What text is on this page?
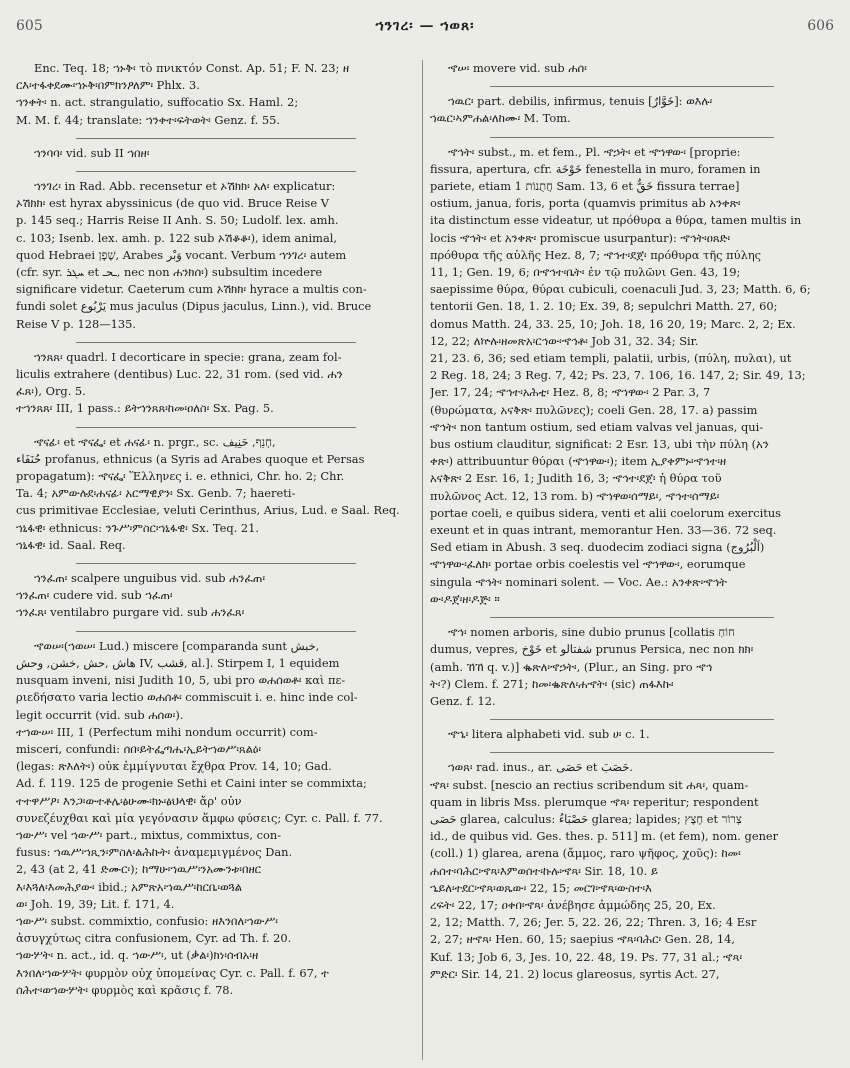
605	ኀንገረ፡ — ኀወጸ፡	606

Enc. Teq. 18; ኀኑቅ፡ τὸ πνικτόν Const. Ap. 51; F. N. 23; ዘ

ርእ፡ተፋቀደሙ፡ኀኑቅ፡በምክንዖለም፡ Phlx. 3.

ኀንቀት፡ n. act. strangulatio, suffocatio Sx. Haml. 2;

M. M. f. 44; translate: ኀንቀተ፡ፍትወት፡ Genz. f. 55.

ኀንባባ፡ vid. sub II ኀበዘ፡

ኀንገረ፡ in Rad. Abb. recensetur et ኦሽክክ፡ አለ፡ explicatur:

ኦሽክክ፡ est hyrax abyssinicus (de quo vid. Bruce Reise V

p. 145 seq.; Harris Reise II Anh. S. 50; Ludolf. lex. amh.

c. 103; Isenb. lex. amh. p. 122 sub ኦሽቆቆ፡), idem animal,

quod Hebraei שָׁפָן, Arabes وَبْر vocant. Verbum ኀንገረ፡ autem

(cfr. syr. ܚܓܪ et ـحـ, nec non ሐንክሰ፡) subsultim incedere

significare videtur. Caeterum cum ኦሽክክ፡ hyrace a multis con-

fundi solet يَرْبُوع mus jaculus (Dipus jaculus, Linn.), vid. Bruce

Reise V p. 128—135.

ኀንጸጸ፡ quadrl. I decorticare in specie: grana, zeam fol-

liculis extrahere (dentibus) Luc. 22, 31 rom. (sed vid. ሐን

ፈጸ፡), Org. 5.

ተኀንጸጸ፡ III, 1 pass.: ይትኀንጸጸ፡ከመ፡ዐለስ፡ Sx. Pag. 5.

ኆናፊ፡ et ኆናፌ፡ et ሐናፊ፡ n. prgr., sc. חָנֵף, حَنِيف,

حُنَفَاء profanus, ethnicus (a Syris ad Arabes quoque et Persas

propagatum): ኆናፌ፡ Ἕλληνες i. e. ethnici, Chr. ho. 2; Chr.

Ta. 4; አምውሉደ፡ሐናፊ፡ አርማዊያን፡ Sx. Genb. 7; haereti-

cus primitivae Ecclesiae, veluti Cerinthus, Arius, Lud. e Saal. Req.

ኀኒፋዊ፡ ethnicus: ንጉሥ፡ምስር፡ኀኒፋዊ፡ Sx. Teq. 21.

ኀኒፋዊ፡ id. Saal. Req.

ኀንፈጠ፡ scalpere unguibus vid. sub ሐንፈጠ፡

ኀንፈጠ፡ cudere vid. sub ኀፈጠ፡

ኀንፈጸ፡ ventilabro purgare vid. sub ሐንፈጸ፡

ኆወሠ፡(ኀወሠ፡ Lud.) miscere [comparanda sunt خبش,

هاش ,حش ,خشن, وحش IV, قشب, al.]. Stirpem I, 1 equidem

nusquam inveni, nisi Judith 10, 5, ubi pro ወሐሰወቶ፡ καὶ πε-

ριεδήσατο varia lectio ወሐሰቶ፡ commiscuit i. e. hinc inde col-

legit occurrit (vid. sub ሐሰወ፡).

ተኀውሠ፡ III, 1 (Perfectum mihi nondum occurrit) com-

misceri, confundi: ሰበ፡ይትፌጣሔ፡ኢይትኀወሥ፡ጸልዕ፡

(legas: ጽእለት፡) οὐκ ἐμμίγνυται ἔχθρα Prov. 14, 10; Gad.

Ad. f. 119. 125 de progenie Sethi et Caini inter se commixta;

ተተዋሥዖ፡ እንጋ፡ውተቶሌ፡ፅሁሙ፡ክኑ፡ፅህላዊ፡ ἄρ' οὐν

συνεζέυχθαι καὶ μία γεγόνασιν ἅμφω φύσεις; Cyr. c. Pall. f. 77.

ኀውሥ፡ vel ኀውሥ፡ part., mixtus, commixtus, con-

fusus: ኀዉሥ፡ኀጺን፡ምስለ፡ልሕኩት፡ ἀναμεμιγμένος Dan.

2, 43 (at 2, 41 ድሙር፡); ከማሁ፡ኀዉሥ፡ንአሙንቱ፡በዘር

እ፡እጓለ፡እመሕያው፡ ibid.; አምጽአ፡ኀዉሥ፡ከርቤ፡ወጓል

ወ፡ Joh. 19, 39; Lit. f. 171, 4.

ኀውሥ፡ subst. commixtio, confusio: ዘእንበለ፡ኀውሥ፡

ἀσυγχύτως citra confusionem, Cyr. ad Th. f. 20.

ኀውሦት፡ n. act., id. q. ኀውሥ፡, ut (ቃል፡)ክነ፡ሰብአ፡ዘ

እንበለ፡ኀውሦት፡ φυρμὸν οὐχ ὑπομείνας Cyr. c. Pall. f. 67, ተ

ሰሕተ፡ወኀውሦት፡ φυρμὸς καὶ κρᾶσις f. 78.

ኆሠ፡ movere vid. sub ሐሰ፡

ኀዉር፡ part. debilis, infirmus, tenuis [خَوَّارٌ]: ወእሉ፡

ኀዉር፡ኣምሐል፡ለከሙ፡ M. Tom.

ኆኅት፡ subst., m. et fem., Pl. ኆኃት፡ et ኆኀዋው፡ [proprie:

fissura, apertura, cfr. خَوْخَة fenestella in muro, foramen in

pariete, etiam חֲתֻנוֹת 1 Sam. 13, 6 et خَقٌّ fissura terrae]

ostium, janua, foris, porta (quamvis primitus ab አንቀጽ፡

ita distinctum esse videatur, ut πρόθυρα a θύρα, tamen multis in

locis ኆኅት፡ et አንቀጽ፡ promiscue usurpantur): ኆኅት፡ዐጸድ፡

πρόθυρα τῆς αὐλῆς Hez. 8, 7; ኆኅተ፡ደጀ፡ πρόθυρα τῆς πύλης

11, 1; Gen. 19, 6; በኆኅተ፡ቤት፡ ἐν τῷ πυλῶνι Gen. 43, 19;

saepissime θύρα, θύραι cubiculi, coenaculi Jud. 3, 23; Matth. 6, 6;

tentorii Gen. 18, 1. 2. 10; Ex. 39, 8; sepulchri Matth. 27, 60;

domus Matth. 24, 33. 25, 10; Joh. 18, 16 20, 19; Marc. 2, 2; Ex.

12, 22; ለኵሉ፡ዘመጽአ፡ርኅው፡ኆኅቶ፡ Job 31, 32. 34; Sir.

21, 23. 6, 36; sed etiam templi, palatii, urbis, (πύλη, πυλαι), ut

2 Reg. 18, 24; 3 Reg. 7, 42; Ps. 23, 7. 106, 16. 147, 2; Sir. 49, 13;

Jer. 17, 24; ኆኅተ፡አሕቲ፡ Hez. 8, 8; ኆኀዋው፡ 2 Par. 3, 7

(θυρώματα, አናቅጽ፡ πυλῶνες); coeli Gen. 28, 17. a) passim

ኆኅት፡ non tantum ostium, sed etiam valvas vel januas, qui-

bus ostium clauditur, significat: 2 Esr. 13, ubi τὴν πύλη (አን

ቀጽ፡) attribuuntur θύραι (ኆኀዋው፡); item ኢያቀምኑ፡ኆኅተ፡ዘ

አናቅጽ፡ 2 Esr. 16, 1; Judith 16, 3; ኆኅተ፡ደጀ፡ ἡ θύρα τοῦ

πυλῶνος Act. 12, 13 rom. b) ኆኀዋወ፡ሰማይ፡, ኆኅተ፡ሰማይ፡

portae coeli, e quibus sidera, venti et alii coelorum exercitus

exeunt et in quas intrant, memorantur Hen. 33—36. 72 seq.

Sed etiam in Abush. 3 seq. duodecim zodiaci signa (اَلْبُرُوج)

ኆኀዋው፡ፈለክ፡ portae orbis coelestis vel ኆኀዋው፡, eorumque

singula ኆኅት፡ nominari solent. — Voc. Ae.: አንቀጽ፡ኆኅት

ው፡ዶጀ፡ዘ፡ዶጅ፡ ።

ኆኅ፡ nomen arboris, sine dubio prunus [collatis חוֹחַ

dumus, vepres, خَوْخ et شفتالو prunus Persica, nec non ክክ፡

(amh. ኸኸ q. v.)] ቈጽለ፡ኆኃት፡, (Plur., an Sing. pro ኆኅ

ት፡?) Clem. f. 271; ከመ፡ቈጽለ፡ሐኆት፡ (sic) ጠፋእኩ፡

Genz. f. 12.

ኆኄ፡ litera alphabeti vid. sub ሀ፡ c. 1.

ኀወጸ፡ rad. inus., ar. حَصَى et حَصَبَ.

ኆጻ፡ subst. [nescio an rectius scribendum sit ሐጻ፡, quam-

quam in libris Mss. plerumque ኆጻ፡ reperitur; respondent

حَصَى glarea, calculus: حَصْبَاءُ glarea; lapides; חָצָץ et צְרוֹר

id., de quibus vid. Ges. thes. p. 511] m. (et fem), nom. gener

(coll.) 1) glarea, arena (ἄμμος, raro ψῆφος, χοῦς): ከመ፡

ሐሰተ፡ባሕር፡ኆጻ፡እምወሰተ፡ኩሉ፡ኆጻ፡ Sir. 18, 10. ይ

ኄይለ፡ተደር፡ኆጻ፡ወጼው፡ 22, 15; መርገ፡ኆጻ፡ውስተ፡እ

ረፍት፡ 22, 17; ዐቀበ፡ኆጻ፡ ἀνέβησε ἀμμώδης 25, 20, Ex.

2, 12; Matth. 7, 26; Jer. 5, 22. 26, 22; Thren. 3, 16; 4 Esr

2, 27; ዘኆጻ፡ Hen. 60, 15; saepius ኆጻ፡ባሕር፡ Gen. 28, 14,

Kuf. 13; Job 6, 3, Jes. 10, 22. 48, 19. Ps. 77, 31 al.; ኆጻ፡

ምድር፡ Sir. 14, 21. 2) locus glareosus, syrtis Act. 27,
